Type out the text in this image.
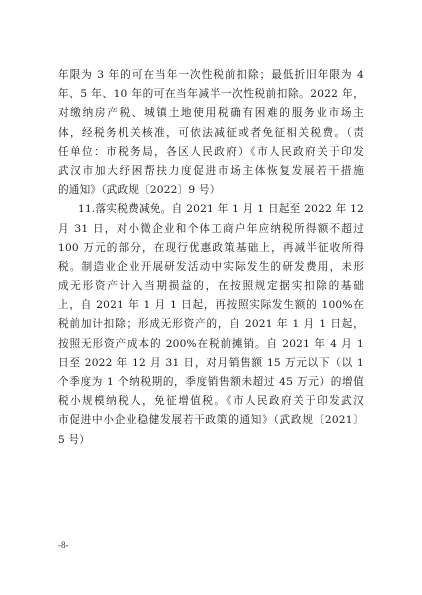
年限为 3 年的可在当年一次性税前扣除；最低折旧年限为 4
年、5 年、10 年的可在当年减半一次性税前扣除。2022 年，
对缴纳房产税、城镇土地使用税确有困难的服务业市场主
体，经税务机关核准，可依法减征或者免征相关税费。（责
任单位：市税务局，各区人民政府）《市人民政府关于印发
武汉市加大纾困帮扶力度促进市场主体恢复发展若干措施
的通知》（武政规〔2022〕9 号）
11.落实税费减免。自 2021 年 1 月 1 日起至 2022 年 12
月 31 日，对小微企业和个体工商户年应纳税所得额不超过
100 万元的部分，在现行优惠政策基础上，再减半征收所得
税。制造业企业开展研发活动中实际发生的研发费用，未形
成无形资产计入当期损益的，在按照规定据实扣除的基础
上，自 2021 年 1 月 1 日起，再按照实际发生额的 100%在
税前加计扣除；形成无形资产的，自 2021 年 1 月 1 日起，
按照无形资产成本的 200%在税前摊销。自 2021 年 4 月 1
日至 2022 年 12 月 31 日，对月销售额 15 万元以下（以 1
个季度为 1 个纳税期的，季度销售额未超过 45 万元）的增值
税小规模纳税人，免征增值税。《市人民政府关于印发武汉
市促进中小企业稳健发展若干政策的通知》（武政规〔2021〕
5 号）
-8-
